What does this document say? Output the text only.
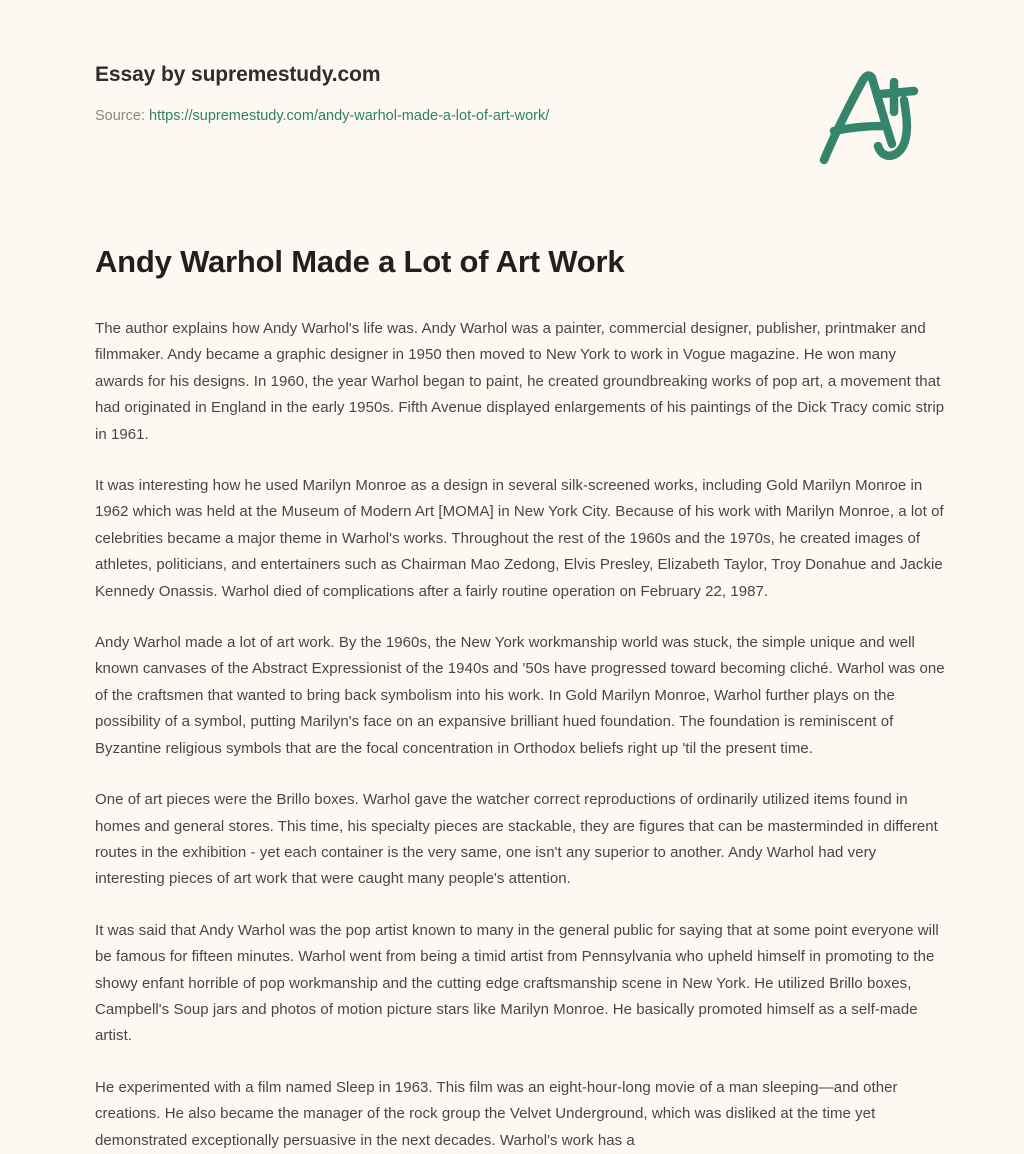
Essay by supremestudy.com
Source: https://supremestudy.com/andy-warhol-made-a-lot-of-art-work/
Andy Warhol Made a Lot of Art Work

The author explains how Andy Warhol's life was. Andy Warhol was a painter, commercial designer, publisher, printmaker and filmmaker. Andy became a graphic designer in 1950 then moved to New York to work in Vogue magazine. He won many awards for his designs. In 1960, the year Warhol began to paint, he created groundbreaking works of pop art, a movement that had originated in England in the early 1950s. Fifth Avenue displayed enlargements of his paintings of the Dick Tracy comic strip in 1961.

It was interesting how he used Marilyn Monroe as a design in several silk-screened works, including Gold Marilyn Monroe in 1962 which was held at the Museum of Modern Art [MOMA] in New York City. Because of his work with Marilyn Monroe, a lot of celebrities became a major theme in Warhol's works. Throughout the rest of the 1960s and the 1970s, he created images of athletes, politicians, and entertainers such as Chairman Mao Zedong, Elvis Presley, Elizabeth Taylor, Troy Donahue and Jackie Kennedy Onassis. Warhol died of complications after a fairly routine operation on February 22, 1987.

Andy Warhol made a lot of art work. By the 1960s, the New York workmanship world was stuck, the simple unique and well known canvases of the Abstract Expressionist of the 1940s and '50s have progressed toward becoming cliché. Warhol was one of the craftsmen that wanted to bring back symbolism into his work. In Gold Marilyn Monroe, Warhol further plays on the possibility of a symbol, putting Marilyn's face on an expansive brilliant hued foundation. The foundation is reminiscent of Byzantine religious symbols that are the focal concentration in Orthodox beliefs right up 'til the present time.

One of art pieces were the Brillo boxes. Warhol gave the watcher correct reproductions of ordinarily utilized items found in homes and general stores. This time, his specialty pieces are stackable, they are figures that can be masterminded in different routes in the exhibition - yet each container is the very same, one isn't any superior to another. Andy Warhol had very interesting pieces of art work that were caught many people's attention.

It was said that Andy Warhol was the pop artist known to many in the general public for saying that at some point everyone will be famous for fifteen minutes. Warhol went from being a timid artist from Pennsylvania who upheld himself in promoting to the showy enfant horrible of pop workmanship and the cutting edge craftsmanship scene in New York. He utilized Brillo boxes, Campbell's Soup jars and photos of motion picture stars like Marilyn Monroe. He basically promoted himself as a self-made artist.

He experimented with a film named Sleep in 1963. This film was an eight-hour-long movie of a man sleeping—and other creations. He also became the manager of the rock group the Velvet Underground, which was disliked at the time yet demonstrated exceptionally persuasive in the next decades. Warhol's work has a
